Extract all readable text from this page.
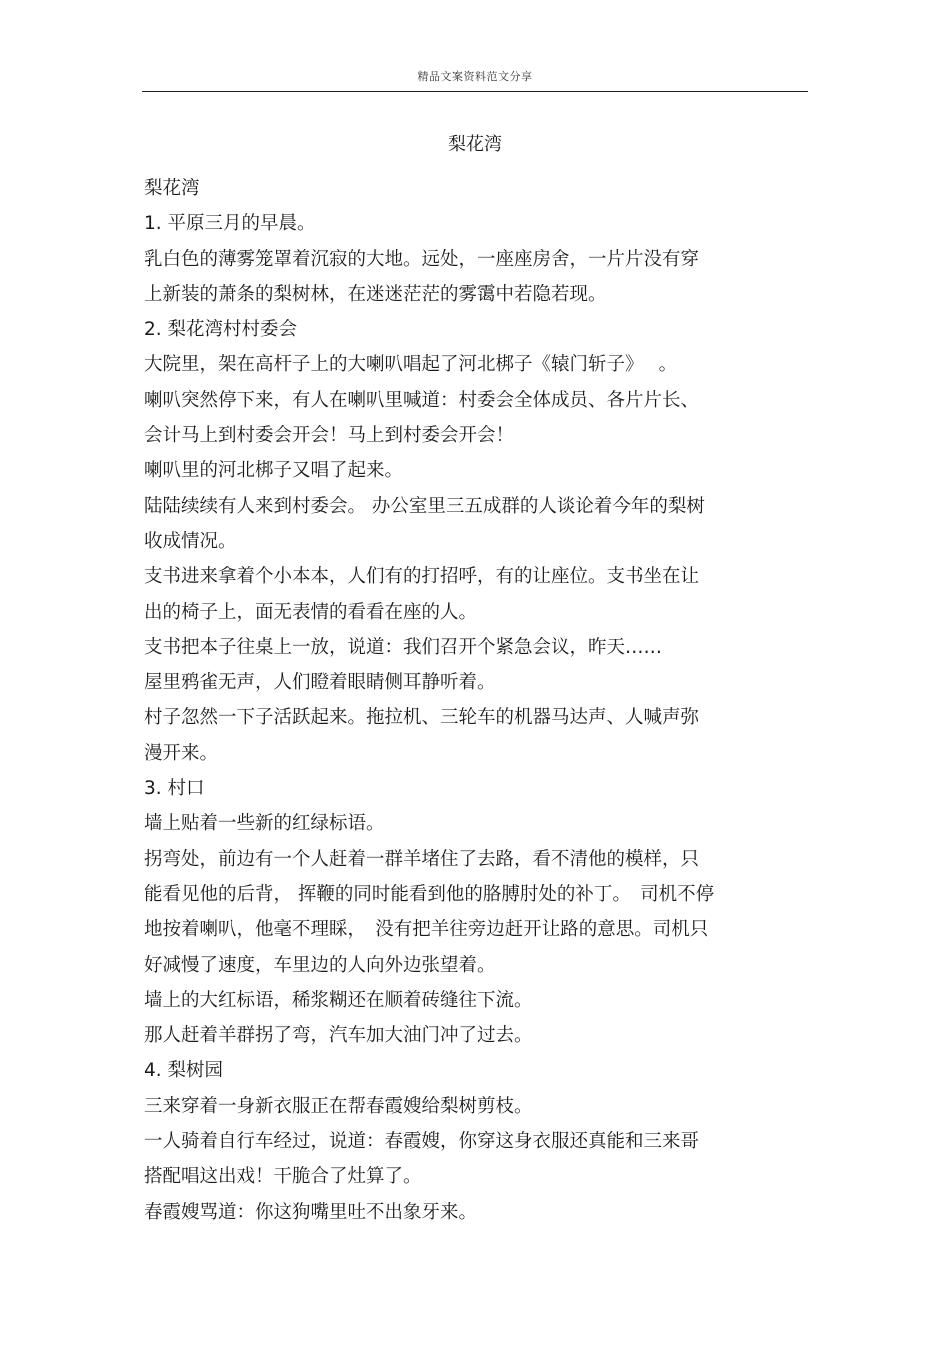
精品文案资料范文分享
梨花湾
梨花湾
1. 平原三月的早晨。
乳白色的薄雾笼罩着沉寂的大地。远处，一座座房舍，一片片没有穿
上新装的萧条的梨树林，在迷迷茫茫的雾霭中若隐若现。
2. 梨花湾村村委会
大院里，架在高杆子上的大喇叭唱起了河北梆子《辕门斩子》　 。
喇叭突然停下来，有人在喇叭里喊道：村委会全体成员、各片片长、
会计马上到村委会开会！马上到村委会开会！
喇叭里的河北梆子又唱了起来。
陆陆续续有人来到村委会。 办公室里三五成群的人谈论着今年的梨树
收成情况。
支书进来拿着个小本本，人们有的打招呼，有的让座位。支书坐在让
出的椅子上，面无表情的看看在座的人。
支书把本子往桌上一放，说道：我们召开个紧急会议，昨天……
屋里鸦雀无声，人们瞪着眼睛侧耳静听着。
村子忽然一下子活跃起来。拖拉机、三轮车的机器马达声、人喊声弥
漫开来。
3. 村口
墙上贴着一些新的红绿标语。
拐弯处，前边有一个人赶着一群羊堵住了去路，看不清他的模样，只
能看见他的后背， 挥鞭的同时能看到他的胳膊肘处的补丁。　司机不停
地按着喇叭，他毫不理睬，　没有把羊往旁边赶开让路的意思。司机只
好减慢了速度，车里边的人向外边张望着。
墙上的大红标语，稀浆糊还在顺着砖缝往下流。
那人赶着羊群拐了弯，汽车加大油门冲了过去。
4. 梨树园
三来穿着一身新衣服正在帮春霞嫂给梨树剪枝。
一人骑着自行车经过，说道：春霞嫂，你穿这身衣服还真能和三来哥
搭配唱这出戏！干脆合了灶算了。
春霞嫂骂道：你这狗嘴里吐不出象牙来。
